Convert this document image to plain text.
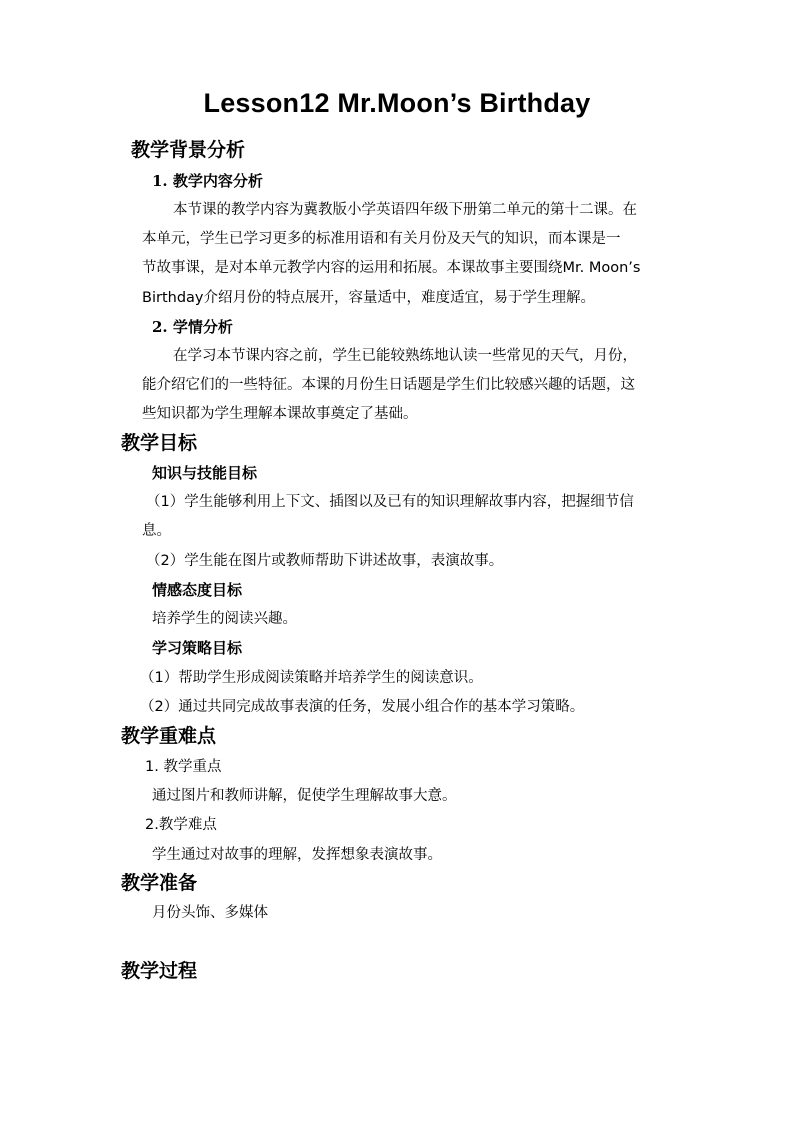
Lesson12 Mr.Moon’s Birthday
教学背景分析
1. 教学内容分析
本节课的教学内容为冀教版小学英语四年级下册第二单元的第十二课。在
本单元，学生已学习更多的标准用语和有关月份及天气的知识，而本课是一
节故事课，是对本单元教学内容的运用和拓展。本课故事主要围绕Mr. Moon’s
Birthday介绍月份的特点展开，容量适中，难度适宜，易于学生理解。
2. 学情分析
在学习本节课内容之前，学生已能较熟练地认读一些常见的天气，月份，
能介绍它们的一些特征。本课的月份生日话题是学生们比较感兴趣的话题，这
些知识都为学生理解本课故事奠定了基础。
教学目标
知识与技能目标
（1）学生能够利用上下文、插图以及已有的知识理解故事内容，把握细节信
息。
（2）学生能在图片或教师帮助下讲述故事，表演故事。
情感态度目标
培养学生的阅读兴趣。
学习策略目标
（1）帮助学生形成阅读策略并培养学生的阅读意识。
（2）通过共同完成故事表演的任务，发展小组合作的基本学习策略。
教学重难点
1. 教学重点
通过图片和教师讲解，促使学生理解故事大意。
2.教学难点
学生通过对故事的理解，发挥想象表演故事。
教学准备
月份头饰、多媒体
教学过程
